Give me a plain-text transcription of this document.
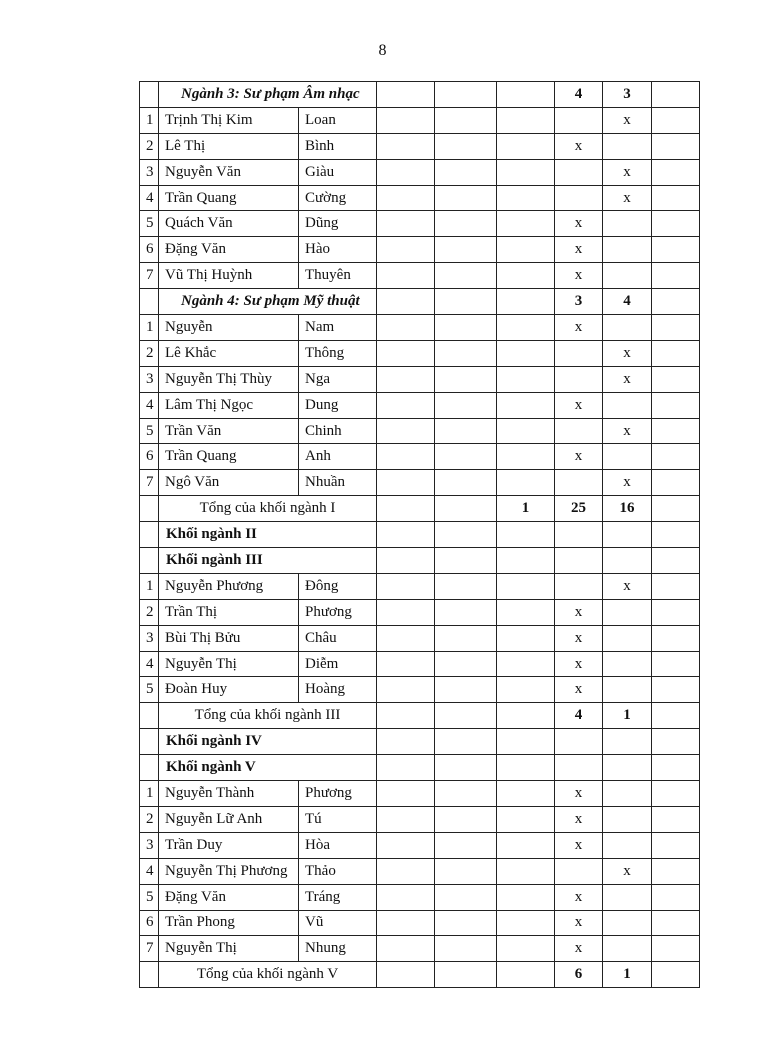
8
	Ngành 3: Sư phạm Âm nhạc					4	3	
1	Trịnh Thị Kim	Loan					x	
2	Lê Thị	Bình				x		
3	Nguyễn Văn	Giàu					x	
4	Trần Quang	Cường					x	
5	Quách Văn	Dũng				x		
6	Đặng Văn	Hào				x		
7	Vũ Thị Huỳnh	Thuyên				x		
	Ngành 4: Sư phạm Mỹ thuật					3	4	
1	Nguyễn	Nam				x		
2	Lê Khắc	Thông					x	
3	Nguyễn Thị Thùy	Nga					x	
4	Lâm Thị Ngọc	Dung				x		
5	Trần Văn	Chinh					x	
6	Trần Quang	Anh				x		
7	Ngô Văn	Nhuần					x	
	Tổng của khối ngành I				1	25	16	
	Khối ngành II							
	Khối ngành III							
1	Nguyễn Phương	Đông					x	
2	Trần Thị	Phương				x		
3	Bùi Thị Bửu	Châu				x		
4	Nguyễn Thị	Diễm				x		
5	Đoàn Huy	Hoàng				x		
	Tổng của khối ngành III					4	1	
	Khối ngành IV							
	Khối ngành V							
1	Nguyễn Thành	Phương				x		
2	Nguyễn Lữ Anh	Tú				x		
3	Trần Duy	Hòa				x		
4	Nguyễn Thị Phương	Thảo					x	
5	Đặng Văn	Tráng				x		
6	Trần Phong	Vũ				x		
7	Nguyễn Thị	Nhung				x		
	Tổng của khối ngành V					6	1	
